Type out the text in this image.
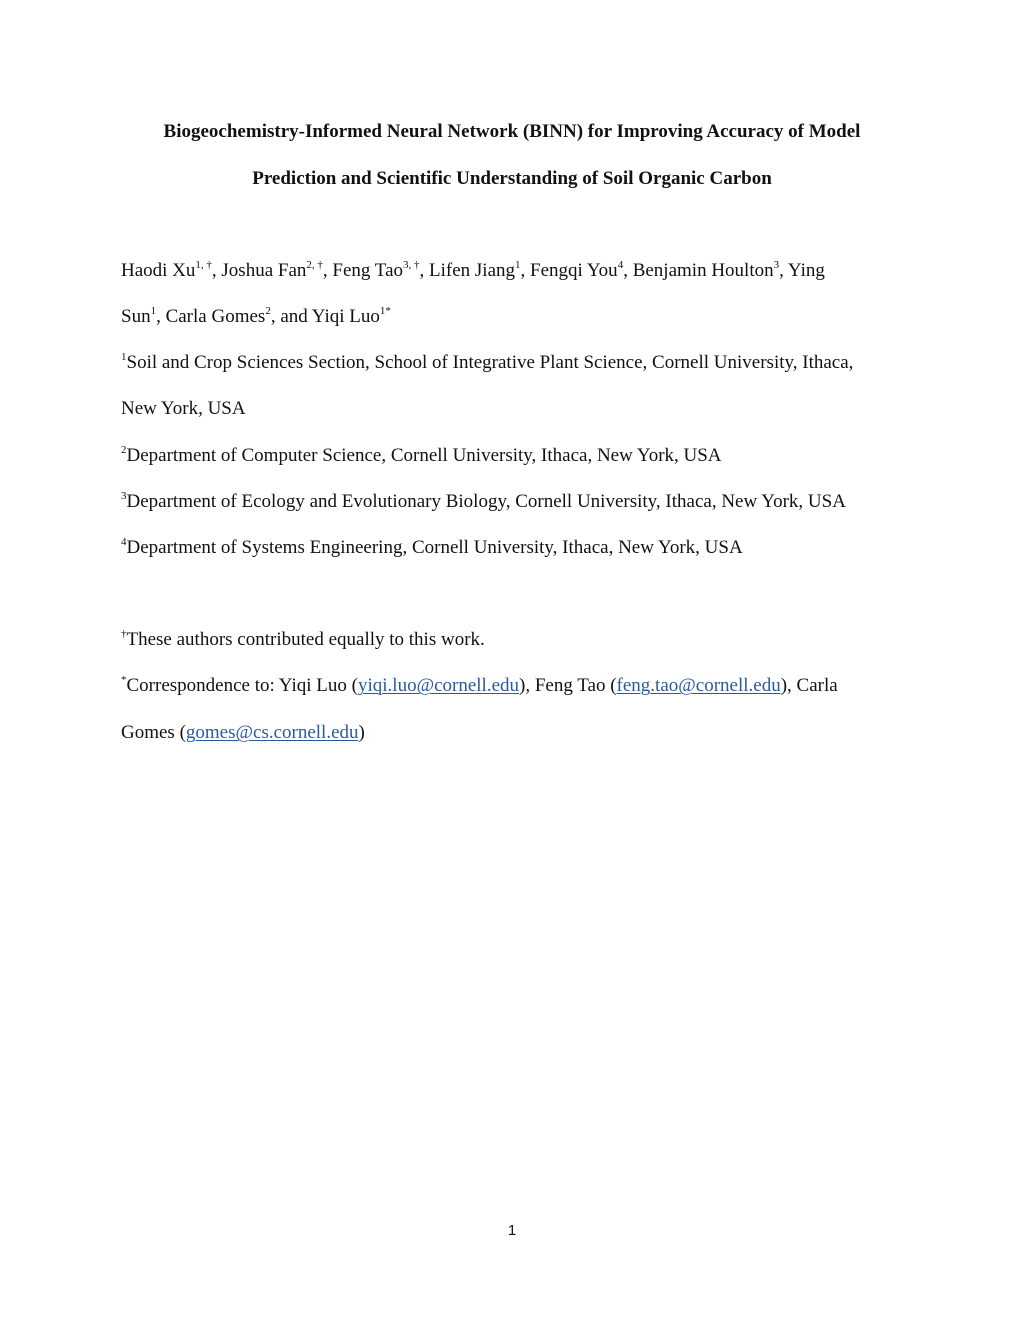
Biogeochemistry-Informed Neural Network (BINN) for Improving Accuracy of Model
Prediction and Scientific Understanding of Soil Organic Carbon
Haodi $Xu^{1, \dagger}$, Joshua Fan$^{2, \dagger}$, Feng Tao$^{3, \dagger}$, Lifen Jiang$^1$, Fengqi You$^4$, Benjamin Houlton$^3$, Ying
Sun$^1$, Carla Gomes$^2$, and Yiqi Luo$^{1*}$
$^1$Soil and Crop Sciences Section, School of Integrative Plant Science, Cornell University, Ithaca,
New York, USA
$^2$Department of Computer Science, Cornell University, Ithaca, New York, USA
$^3$Department of Ecology and Evolutionary Biology, Cornell University, Ithaca, New York, USA
$^4$Department of Systems Engineering, Cornell University, Ithaca, New York, USA
†These authors contributed equally to this work.
*Correspondence to: Yiqi Luo (yiqi.luo@cornell.edu), Feng Tao (feng.tao@cornell.edu), Carla
Gomes (gomes@cs.cornell.edu)
1
